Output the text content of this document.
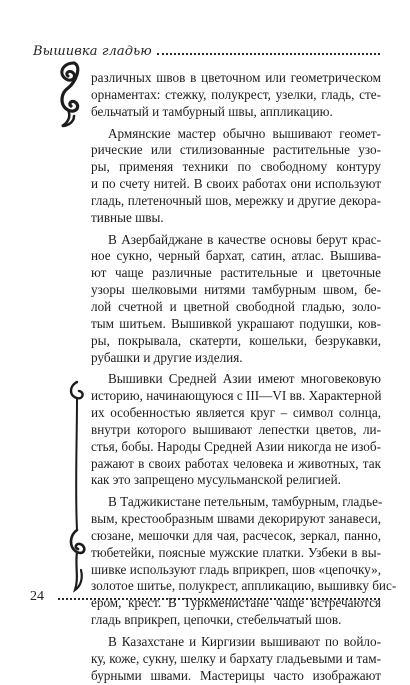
Вышивка гладью
различных швов в цветочном или геометрическом
орнаментах: стежку, полукрест, узелки, гладь, сте-
бельчатый и тамбурный швы, аппликацию.
Армянские мастер обычно вышивают геомет-
рические или стилизованные растительные узо-
ры, применяя техники по свободному контуру
и по счету нитей. В своих работах они используют
гладь, плетеночный шов, мережку и другие декора-
тивные швы.
В Азербайджане в качестве основы берут крас-
ное сукно, черный бархат, сатин, атлас. Вышива-
ют чаще различные растительные и цветочные
узоры шелковыми нитями тамбурным швом, бе-
лой счетной и цветной свободной гладью, золо-
тым шитьем. Вышивкой украшают подушки, ков-
ры, покрывала, скатерти, кошельки, безрукавки,
рубашки и другие изделия.
Вышивки Средней Азии имеют многовековую
историю, начинающуюся с III—VI вв. Характерной
их особенностью является круг – символ солнца,
внутри которого вышивают лепестки цветов, ли-
стья, бобы. Народы Средней Азии никогда не изоб-
ражают в своих работах человека и животных, так
как это запрещено мусульманской религией.
В Таджикистане петельным, тамбурным, гладье-
вым, крестообразным швами декорируют занавеси,
сюзане, мешочки для чая, расчесок, зеркал, панно,
тюбетейки, поясные мужские платки. Узбеки в вы-
шивке используют гладь вприкреп, шов «цепочку»,
золотое шитье, полукрест, аппликацию, вышивку бис-
ером, крест. В Туркменистане чаще встречаются
гладь вприкреп, цепочки, стебельчатый шов.
В Казахстане и Киргизии вышивают по войло-
ку, коже, сукну, шелку и бархату гладьевыми и там-
бурными швами. Мастерицы часто изображают
24
